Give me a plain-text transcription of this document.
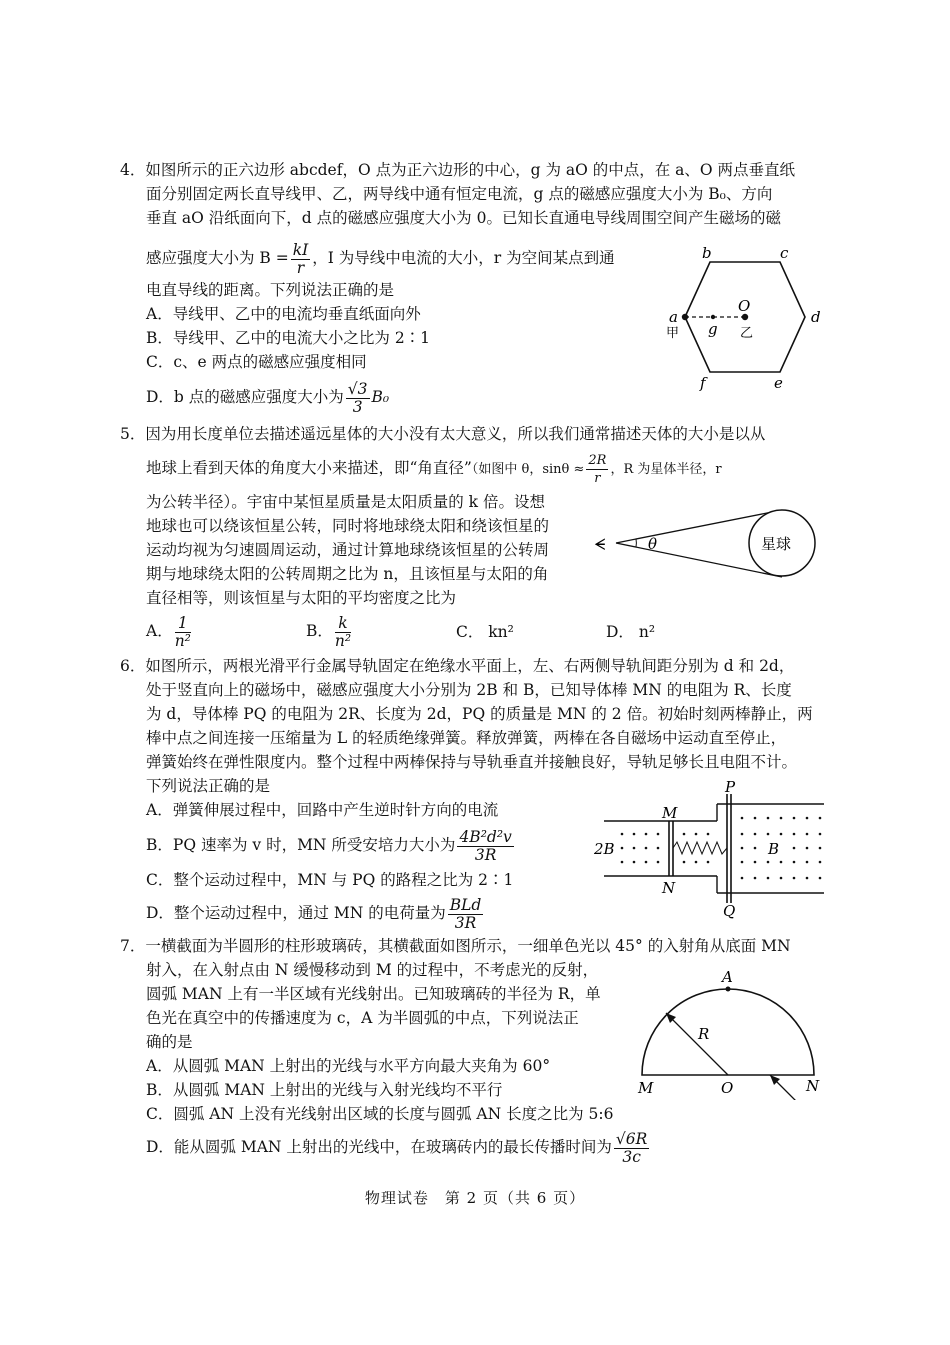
4．如图所示的正六边形 abcdef，O 点为正六边形的中心，g 为 aO 的中点，在 a、O 两点垂直纸
面分别固定两长直导线甲、乙，两导线中通有恒定电流，g 点的磁感应强度大小为 B₀、方向
垂直 aO 沿纸面向下，d 点的磁感应强度大小为 0。已知长直通电导线周围空间产生磁场的磁
感应强度大小为 $B = \frac{kI}{r}$ ，I 为导线中电流的大小，r 为空间某点到通
电直导线的距离。下列说法正确的是
A．导线甲、乙中的电流均垂直纸面向外
B．导线甲、乙中的电流大小之比为 2∶1
C．c、e 两点的磁感应强度相同
D．b 点的磁感应强度大小为 $\frac{√3}{3} B_0$
b	c
d
e
f
a
甲
O
g 乙
5．因为用长度单位去描述遥远星体的大小没有太大意义，所以我们通常描述天体的大小是以从
地球上看到天体的角度大小来描述，即“角直径”（如图中 θ，$\sin\theta \approx \frac{2R}{r}$ ，R 为星体半径，r
为公转半径）。宇宙中某恒星质量是太阳质量的 k 倍。设想
地球也可以绕该恒星公转，同时将地球绕太阳和绕该恒星的
运动均视为匀速圆周运动，通过计算地球绕该恒星的公转周
期与地球绕太阳的公转周期之比为 n，且该恒星与太阳的角
直径相等，则该恒星与太阳的平均密度之比为
A． $\frac{1}{\text{n²}}$	B． $\frac{k}{\text{n²}}$	C． kn²	D． n²
ᗕ	θ	星球
6．如图所示，两根光滑平行金属导轨固定在绝缘水平面上，左、右两侧导轨间距分别为 d 和 2d，
处于竖直向上的磁场中，磁感应强度大小分别为 2B 和 B，已知导体棒 MN 的电阻为 R、长度
为 d，导体棒 PQ 的电阻为 2R、长度为 2d，PQ 的质量是 MN 的 2 倍。初始时刻两棒静止，两
棒中点之间连接一压缩量为 L 的轻质绝缘弹簧。释放弹簧，两棒在各自磁场中运动直至停止，
弹簧始终在弹性限度内。整个过程中两棒保持与导轨垂直并接触良好，导轨足够长且电阻不计。
下列说法正确的是
A．弹簧伸展过程中，回路中产生逆时针方向的电流
B．PQ 速率为 v 时，MN 所受安培力大小为 $\frac{\text{4B²d²v}}{3R}$
C．整个运动过程中，MN 与 PQ 的路程之比为 2∶1
D．整个运动过程中，通过 MN 的电荷量为 $\frac{\text{BLd}}{3R}$
M
N
P
Q
2B	B
7．一横截面为半圆形的柱形玻璃砖，其横截面如图所示，一细单色光以 45° 的入射角从底面 MN
射入，在入射点由 N 缓慢移动到 M 的过程中，不考虑光的反射，
圆弧 MAN 上有一半区域有光线射出。已知玻璃砖的半径为 R，单
色光在真空中的传播速度为 c，A 为半圆弧的中点，下列说法正
确的是
A．从圆弧 MAN 上射出的光线与水平方向最大夹角为 60°
B．从圆弧 MAN 上射出的光线与入射光线均不平行
C．圆弧 AN 上没有光线射出区域的长度与圆弧 AN 长度之比为 5:6
D．能从圆弧 MAN 上射出的光线中，在玻璃砖内的最长传播时间为 $\frac{√6R}{3c}$
A
R
M	O	N
物理试卷　第 2 页（共 6 页）
